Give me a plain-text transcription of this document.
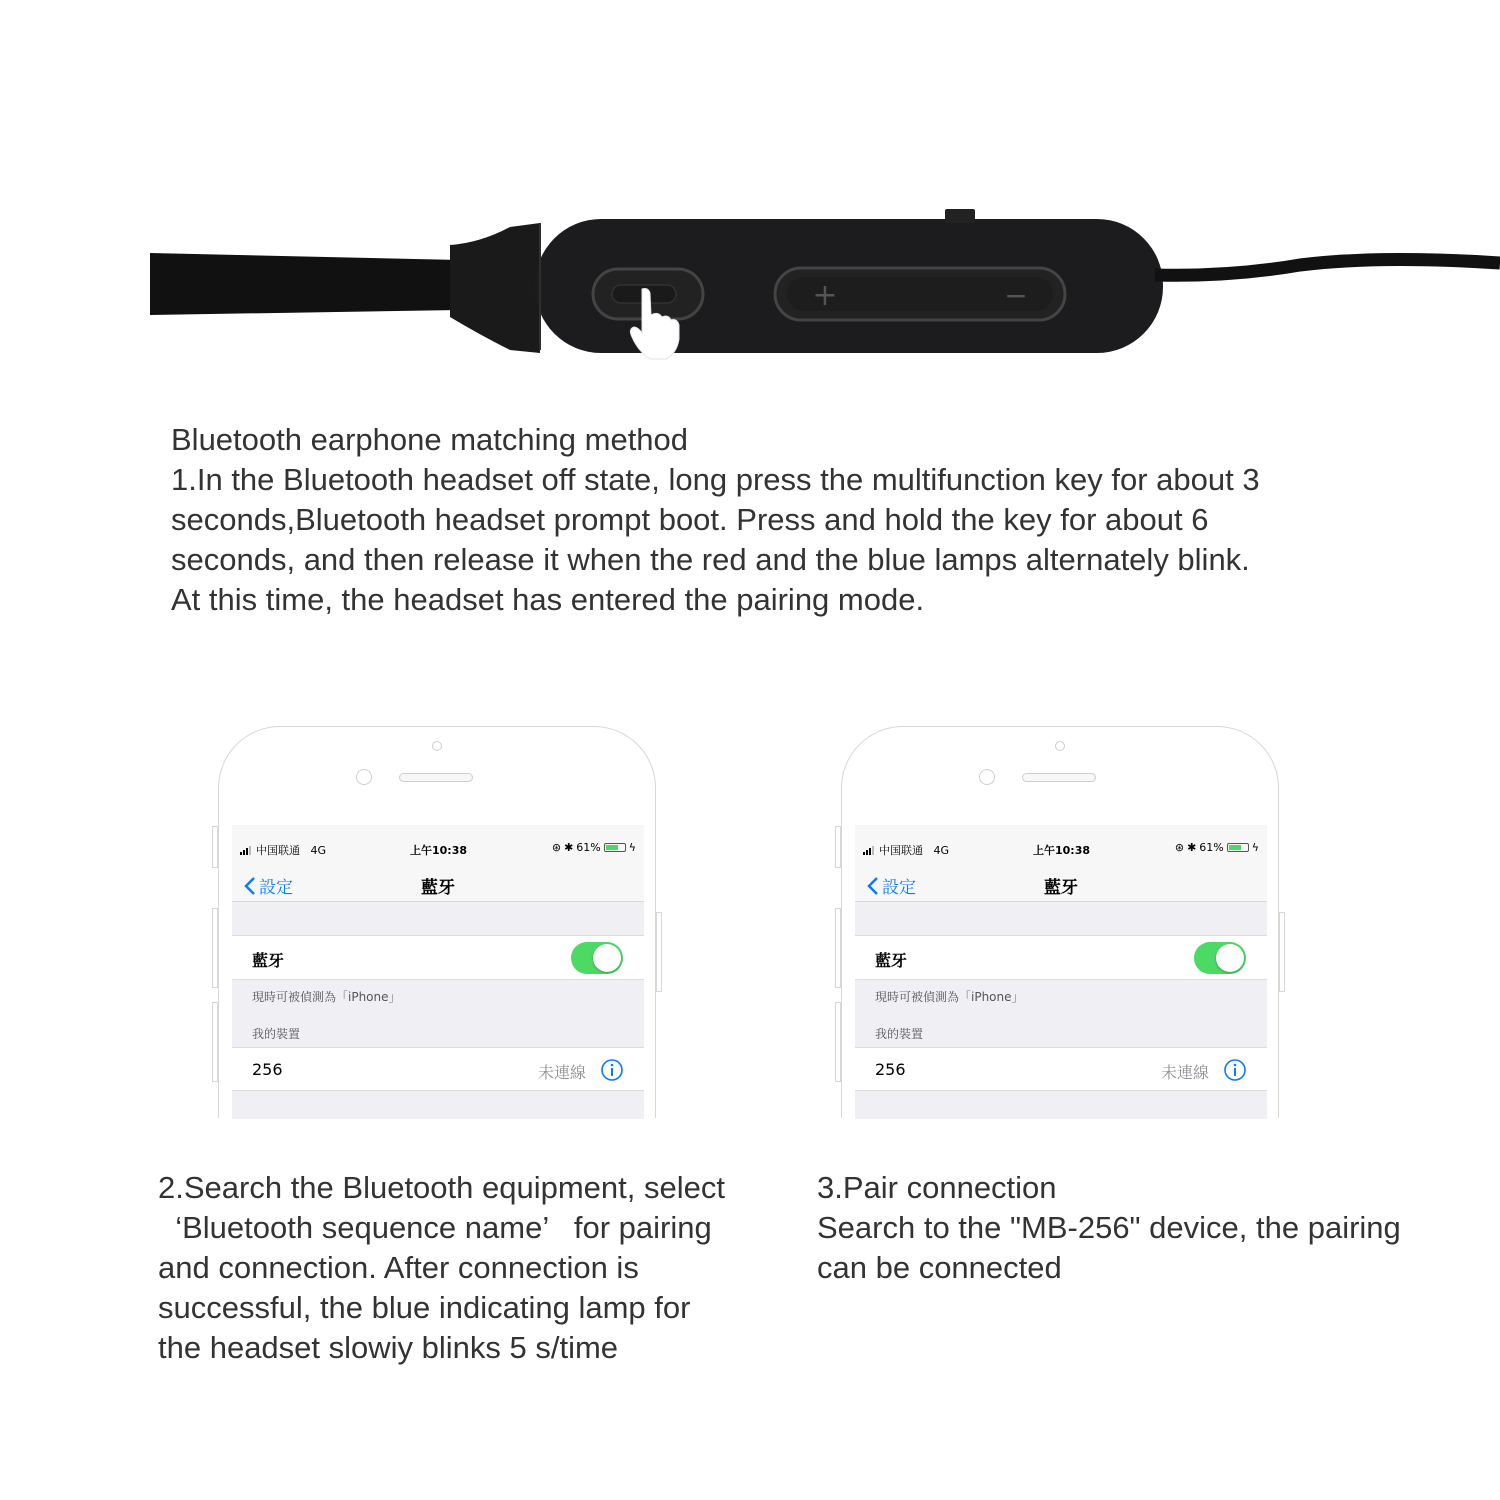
+	−
Bluetooth earphone matching method
1.In the Bluetooth headset off state, long press the multifunction key for about 3
seconds,Bluetooth headset prompt boot. Press and hold the key for about 6
seconds, and then release it when the red and the blue lamps alternately blink.
At this time, the headset has entered the pairing mode.
中国联通 4G	上午10:38	⊛ ✱ 61%	ϟ
設定	藍牙
藍牙
現時可被偵測為「iPhone」
我的裝置
256	未連線
中国联通 4G	上午10:38	⊛ ✱ 61%	ϟ
設定	藍牙
藍牙
現時可被偵測為「iPhone」
我的裝置
256	未連線
2.Search the Bluetooth equipment, select
‘Bluetooth sequence name’   for pairing
and connection. After connection is
successful, the blue indicating lamp for
the headset slowiy blinks 5 s/time
3.Pair connection
Search to the "MB-256" device, the pairing
can be connected
